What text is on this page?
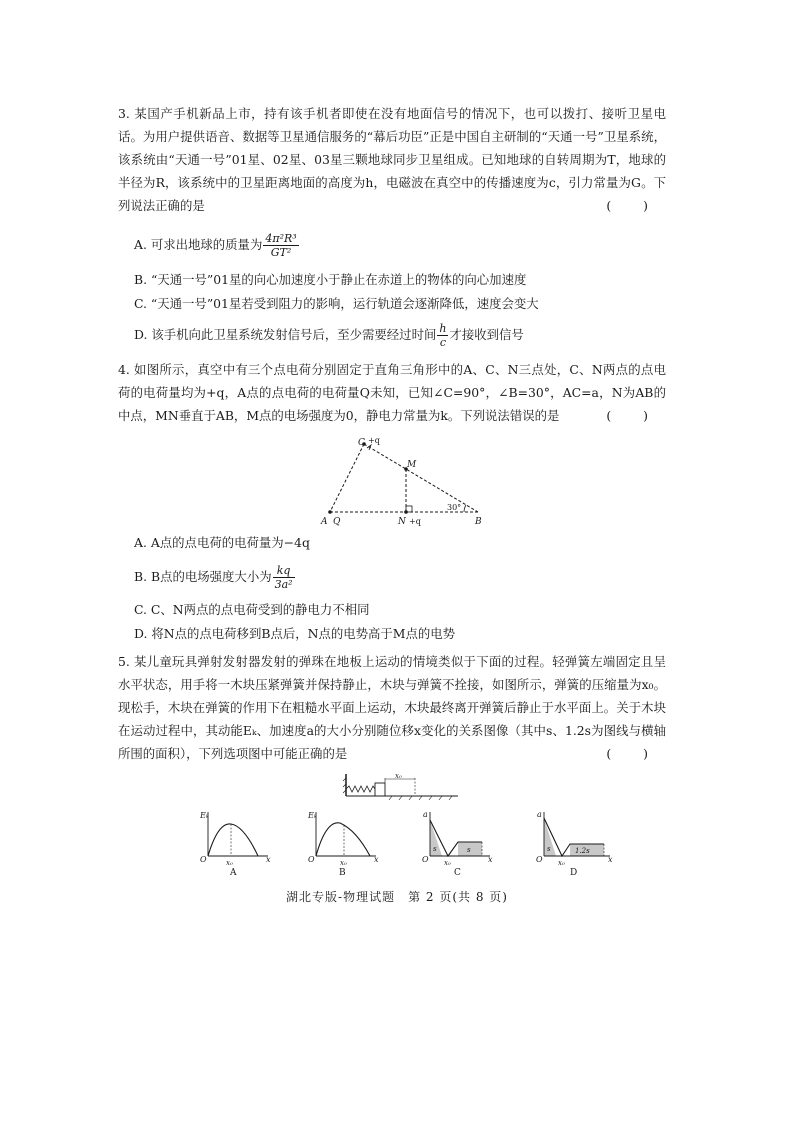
3. 某国产手机新品上市，持有该手机者即使在没有地面信号的情况下，也可以拨打、接听卫星电话。为用户提供语音、数据等卫星通信服务的“幕后功臣”正是中国自主研制的“天通一号”卫星系统，该系统由“天通一号”01星、02星、03星三颗地球同步卫星组成。已知地球的自转周期为T，地球的半径为R，该系统中的卫星距离地面的高度为h，电磁波在真空中的传播速度为c，引力常量为G。下列说法正确的是	( )

A. 可求出地球的质量为 $\frac{\text{4π²R³}}{\text{GT²}}$
B. “天通一号”01星的向心加速度小于静止在赤道上的物体的向心加速度
C. “天通一号”01星若受到阻力的影响，运行轨道会逐渐降低，速度会变大
D. 该手机向此卫星系统发射信号后，至少需要经过时间 $\frac{h}{c}$ 才接收到信号

4. 如图所示，真空中有三个点电荷分别固定于直角三角形中的A、C、N三点处，C、N两点的点电荷的电荷量均为+q，A点的点电荷的电荷量Q未知，已知∠C=90°，∠B=30°，AC=a，N为AB的中点，MN垂直于AB，M点的电场强度为0，静电力常量为k。下列说法错误的是	( )

C +q
M
A Q	N +q	B
30°
A. A点的点电荷的电荷量为−4q
B. B点的电场强度大小为 $\frac{kq}{\text{3a²}}$
C. C、N两点的点电荷受到的静电力不相同
D. 将N点的点电荷移到B点后，N点的电势高于M点的电势

5. 某儿童玩具弹射发射器发射的弹珠在地板上运动的情境类似于下面的过程。轻弹簧左端固定且呈水平状态，用手将一木块压紧弹簧并保持静止，木块与弹簧不拴接，如图所示，弹簧的压缩量为x₀。现松手，木块在弹簧的作用下在粗糙水平面上运动，木块最终离开弹簧后静止于水平面上。关于木块在运动过程中，其动能Eₖ、加速度a的大小分别随位移x变化的关系图像（其中s、1.2s为图线与横轴所围的面积），下列选项图中可能正确的是	( )

x₀
Eₖ
O	x
x₀
A
Eₖ
O	x
x₀
B
s	s
a
O	x
x₀
C
s	1.2s
a
O	x
x₀
D
湖北专版-物理试题　第 2 页(共 8 页)
